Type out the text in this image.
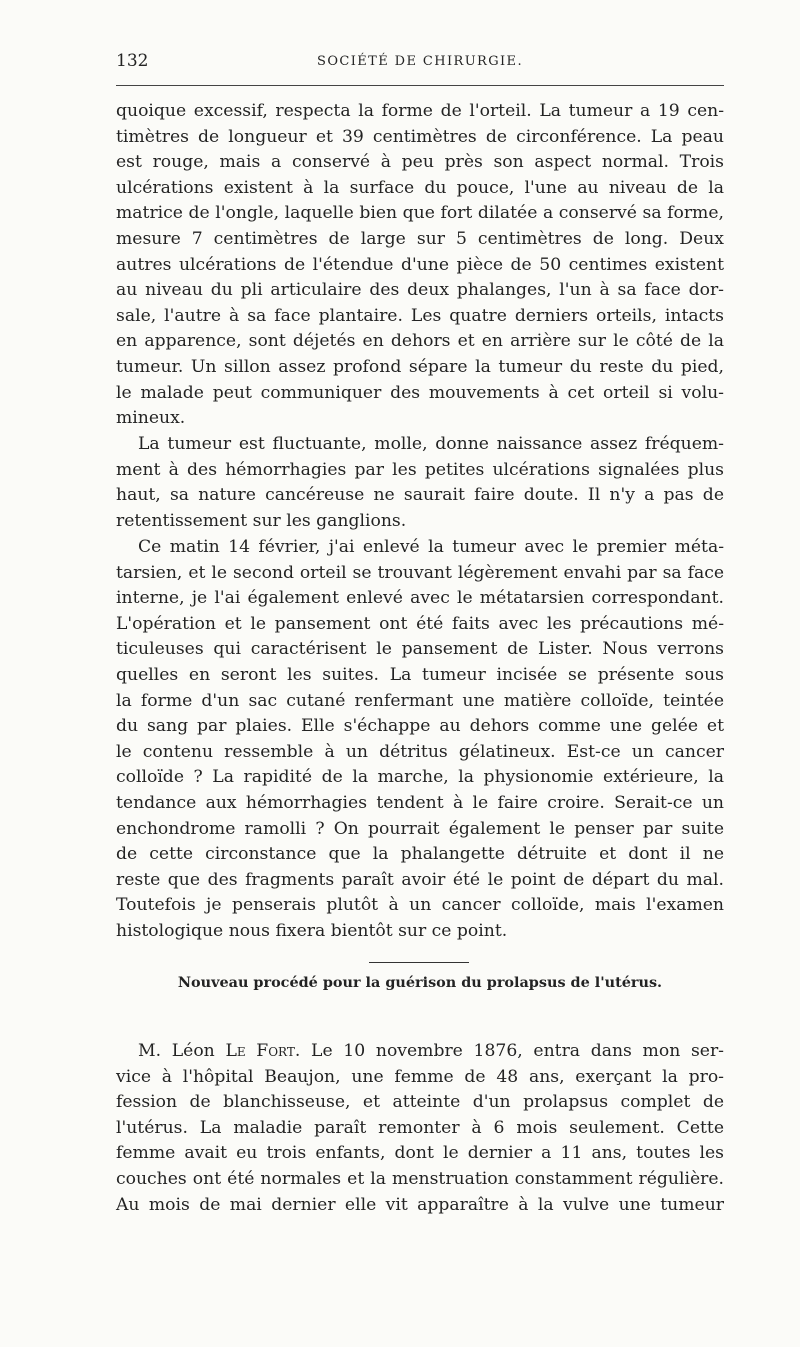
132	SOCIÉTÉ DE CHIRURGIE.
quoique excessif, respecta la forme de l'orteil. La tumeur a 19 cen-
timètres de longueur et 39 centimètres de circonférence. La peau
est rouge, mais a conservé à peu près son aspect normal. Trois
ulcérations existent à la surface du pouce, l'une au niveau de la
matrice de l'ongle, laquelle bien que fort dilatée a conservé sa forme,
mesure 7 centimètres de large sur 5 centimètres de long. Deux
autres ulcérations de l'étendue d'une pièce de 50 centimes existent
au niveau du pli articulaire des deux phalanges, l'un à sa face dor-
sale, l'autre à sa face plantaire. Les quatre derniers orteils, intacts
en apparence, sont déjetés en dehors et en arrière sur le côté de la
tumeur. Un sillon assez profond sépare la tumeur du reste du pied,
le malade peut communiquer des mouvements à cet orteil si volu-
mineux.
La tumeur est fluctuante, molle, donne naissance assez fréquem-
ment à des hémorrhagies par les petites ulcérations signalées plus
haut, sa nature cancéreuse ne saurait faire doute. Il n'y a pas de
retentissement sur les ganglions.
Ce matin 14 février, j'ai enlevé la tumeur avec le premier méta-
tarsien, et le second orteil se trouvant légèrement envahi par sa face
interne, je l'ai également enlevé avec le métatarsien correspondant.
L'opération et le pansement ont été faits avec les précautions mé-
ticuleuses qui caractérisent le pansement de Lister. Nous verrons
quelles en seront les suites. La tumeur incisée se présente sous
la forme d'un sac cutané renfermant une matière colloïde, teintée
du sang par plaies. Elle s'échappe au dehors comme une gelée et
le contenu ressemble à un détritus gélatineux. Est-ce un cancer
colloïde ? La rapidité de la marche, la physionomie extérieure, la
tendance aux hémorrhagies tendent à le faire croire. Serait-ce un
enchondrome ramolli ? On pourrait également le penser par suite
de cette circonstance que la phalangette détruite et dont il ne
reste que des fragments paraît avoir été le point de départ du mal.
Toutefois je penserais plutôt à un cancer colloïde, mais l'examen
histologique nous fixera bientôt sur ce point.
Nouveau procédé pour la guérison du prolapsus de l'utérus.
M. Léon Le Fort. Le 10 novembre 1876, entra dans mon ser-
vice à l'hôpital Beaujon, une femme de 48 ans, exerçant la pro-
fession de blanchisseuse, et atteinte d'un prolapsus complet de
l'utérus. La maladie paraît remonter à 6 mois seulement. Cette
femme avait eu trois enfants, dont le dernier a 11 ans, toutes les
couches ont été normales et la menstruation constamment régulière.
Au mois de mai dernier elle vit apparaître à la vulve une tumeur
